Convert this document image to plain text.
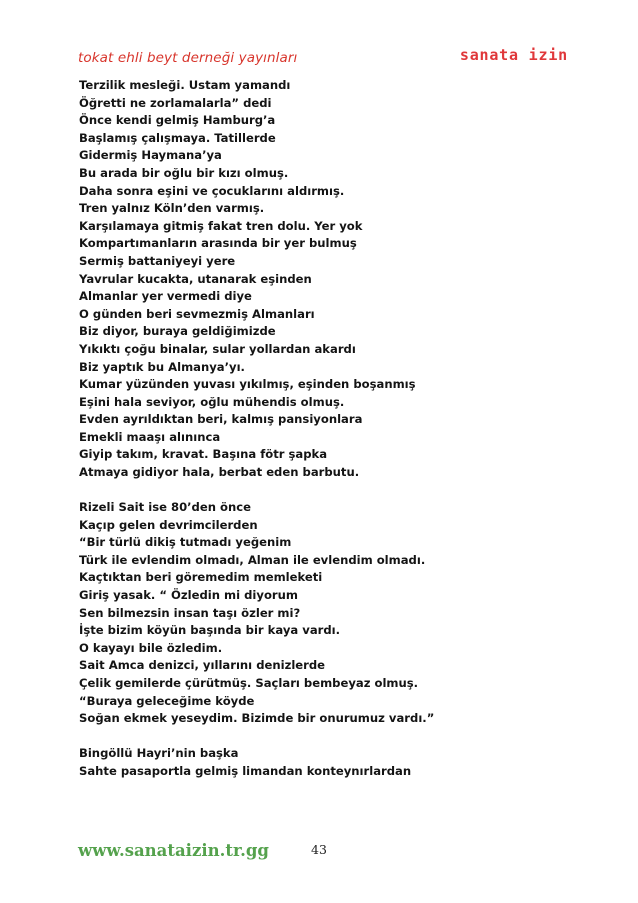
tokat ehli beyt derneği yayınları	sanata izin
Terzilik mesleği. Ustam yamandı
Öğretti ne zorlamalarla” dedi
Önce kendi gelmiş Hamburg’a
Başlamış çalışmaya. Tatillerde
Gidermiş Haymana’ya
Bu arada bir oğlu bir kızı olmuş.
Daha sonra eşini ve çocuklarını aldırmış.
Tren yalnız Köln’den varmış.
Karşılamaya gitmiş fakat tren dolu. Yer yok
Kompartımanların arasında bir yer bulmuş
Sermiş battaniyeyi yere
Yavrular kucakta, utanarak eşinden
Almanlar yer vermedi diye
O günden beri sevmezmiş Almanları
Biz diyor, buraya geldiğimizde
Yıkıktı çoğu binalar, sular yollardan akardı
Biz yaptık bu Almanya’yı.
Kumar yüzünden yuvası yıkılmış, eşinden boşanmış
Eşini hala seviyor, oğlu mühendis olmuş.
Evden ayrıldıktan beri, kalmış pansiyonlara
Emekli maaşı alınınca
Giyip takım, kravat. Başına fötr şapka
Atmaya gidiyor hala, berbat eden barbutu.
Rizeli Sait ise 80’den önce
Kaçıp gelen devrimcilerden
“Bir türlü dikiş tutmadı yeğenim
Türk ile evlendim olmadı, Alman ile evlendim olmadı.
Kaçtıktan beri göremedim memleketi
Giriş yasak. “ Özledin mi diyorum
Sen bilmezsin insan taşı özler mi?
İşte bizim köyün başında bir kaya vardı.
O kayayı bile özledim.
Sait Amca denizci, yıllarını denizlerde
Çelik gemilerde çürütmüş. Saçları bembeyaz olmuş.
“Buraya geleceğime köyde
Soğan ekmek yeseydim. Bizimde bir onurumuz vardı.”
Bingöllü Hayri’nin başka
Sahte pasaportla gelmiş limandan konteynırlardan
www.sanataizin.tr.gg	43
